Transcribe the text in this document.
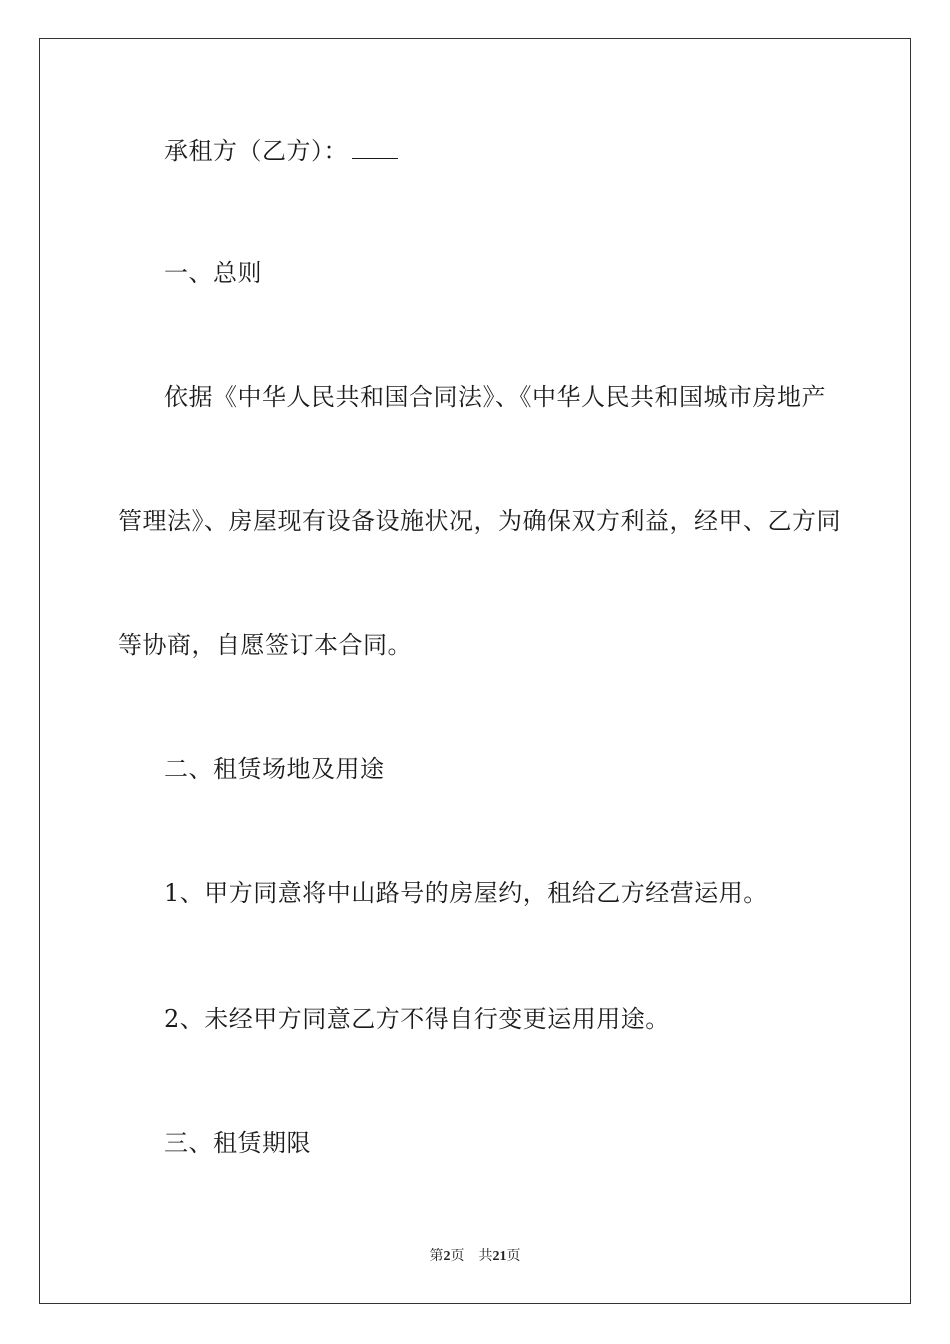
承租方（乙方）：
一、总则
依据《中华人民共和国合同法》、《中华人民共和国城市房地产
管理法》、房屋现有设备设施状况，为确保双方利益，经甲、乙方同
等协商，自愿签订本合同。
二、租赁场地及用途
1、甲方同意将中山路号的房屋约，租给乙方经营运用。
2、未经甲方同意乙方不得自行变更运用用途。
三、租赁期限
第2页 共21页
